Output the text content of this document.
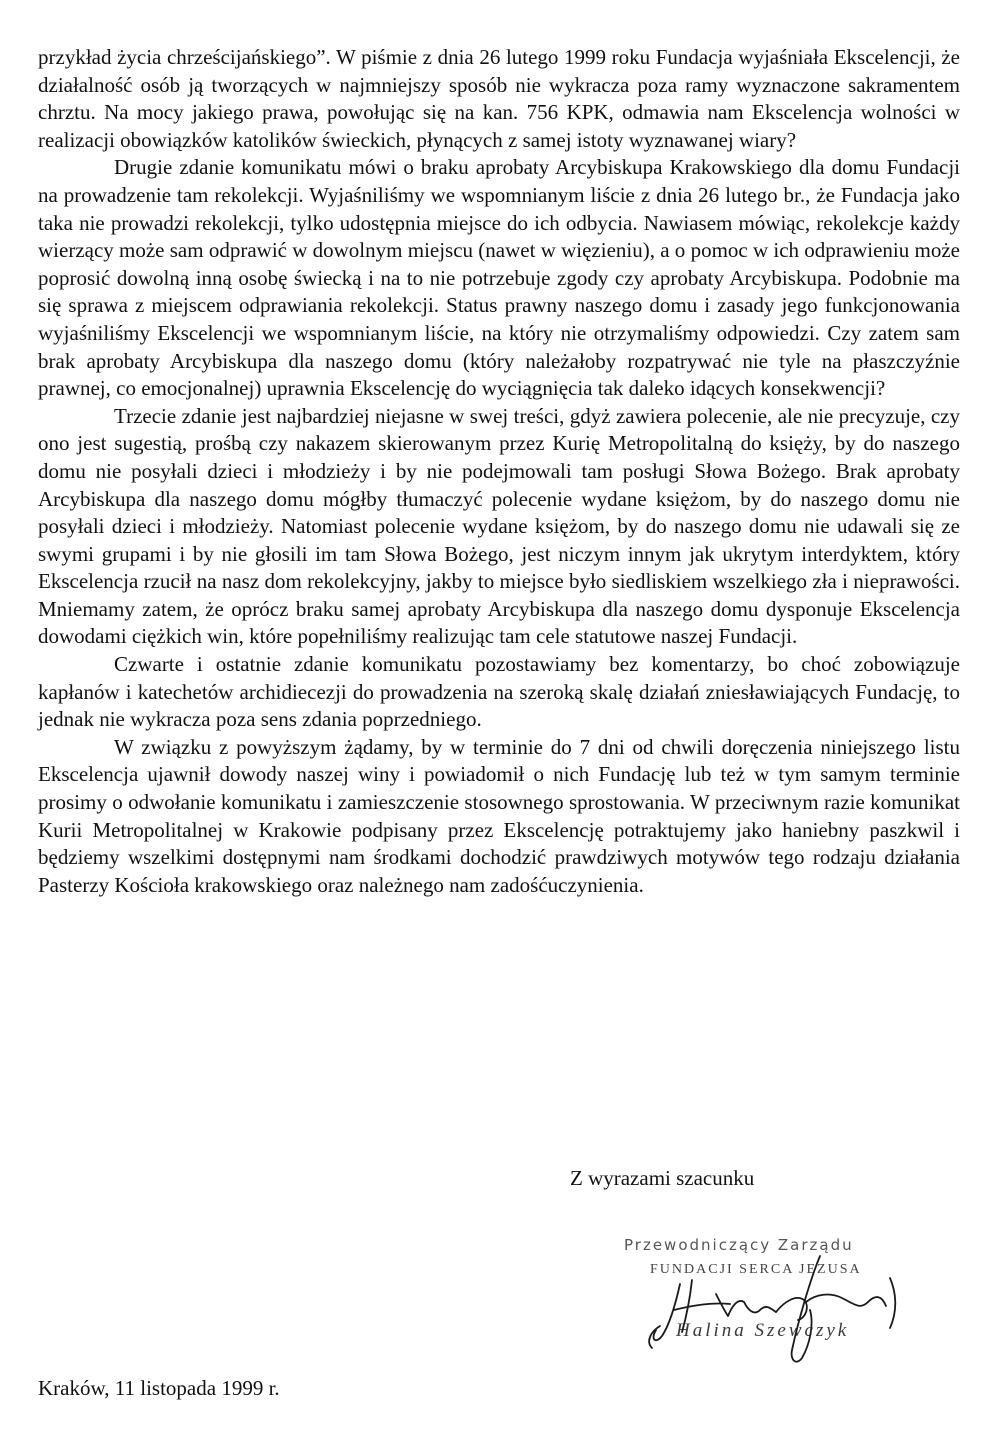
przykład życia chrześcijańskiego”. W piśmie z dnia 26 lutego 1999 roku Fundacja wyjaśniała Ekscelencji, że działalność osób ją tworzących w najmniejszy sposób nie wykracza poza ramy wyznaczone sakramentem chrztu. Na mocy jakiego prawa, powołując się na kan. 756 KPK, odmawia nam Ekscelencja wolności w realizacji obowiązków katolików świeckich, płynących z samej istoty wyznawanej wiary?

Drugie zdanie komunikatu mówi o braku aprobaty Arcybiskupa Krakowskiego dla domu Fundacji na prowadzenie tam rekolekcji. Wyjaśniliśmy we wspomnianym liście z dnia 26 lutego br., że Fundacja jako taka nie prowadzi rekolekcji, tylko udostępnia miejsce do ich odbycia. Nawiasem mówiąc, rekolekcje każdy wierzący może sam odprawić w dowolnym miejscu (nawet w więzieniu), a o pomoc w ich odprawieniu może poprosić dowolną inną osobę świecką i na to nie potrzebuje zgody czy aprobaty Arcybiskupa. Podobnie ma się sprawa z miejscem odprawiania rekolekcji. Status prawny naszego domu i zasady jego funkcjonowania wyjaśniliśmy Ekscelencji we wspomnianym liście, na który nie otrzymaliśmy odpowiedzi. Czy zatem sam brak aprobaty Arcybiskupa dla naszego domu (który należałoby rozpatrywać nie tyle na płaszczyźnie prawnej, co emocjonalnej) uprawnia Ekscelencję do wyciągnięcia tak daleko idących konsekwencji?

Trzecie zdanie jest najbardziej niejasne w swej treści, gdyż zawiera polecenie, ale nie precyzuje, czy ono jest sugestią, prośbą czy nakazem skierowanym przez Kurię Metropolitalną do księży, by do naszego domu nie posyłali dzieci i młodzieży i by nie podejmowali tam posługi Słowa Bożego. Brak aprobaty Arcybiskupa dla naszego domu mógłby tłumaczyć polecenie wydane księżom, by do naszego domu nie posyłali dzieci i młodzieży. Natomiast polecenie wydane księżom, by do naszego domu nie udawali się ze swymi grupami i by nie głosili im tam Słowa Bożego, jest niczym innym jak ukrytym interdyktem, który Ekscelencja rzucił na nasz dom rekolekcyjny, jakby to miejsce było siedliskiem wszelkiego zła i nieprawości. Mniemamy zatem, że oprócz braku samej aprobaty Arcybiskupa dla naszego domu dysponuje Ekscelencja dowodami ciężkich win, które popełniliśmy realizując tam cele statutowe naszej Fundacji.

Czwarte i ostatnie zdanie komunikatu pozostawiamy bez komentarzy, bo choć zobowiązuje kapłanów i katechetów archidiecezji do prowadzenia na szeroką skalę działań zniesławiających Fundację, to jednak nie wykracza poza sens zdania poprzedniego.

W związku z powyższym żądamy, by w terminie do 7 dni od chwili doręczenia niniejszego listu Ekscelencja ujawnił dowody naszej winy i powiadomił o nich Fundację lub też w tym samym terminie prosimy o odwołanie komunikatu i zamieszczenie stosownego sprostowania. W przeciwnym razie komunikat Kurii Metropolitalnej w Krakowie podpisany przez Ekscelencję potraktujemy jako haniebny paszkwil i będziemy wszelkimi dostępnymi nam środkami dochodzić prawdziwych motywów tego rodzaju działania Pasterzy Kościoła krakowskiego oraz należnego nam zadośćuczynienia.

Z wyrazami szacunku
Przewodniczący Zarządu
FUNDACJI SERCA JEZUSA
Halina Szewczyk
Kraków, 11 listopada 1999 r.
